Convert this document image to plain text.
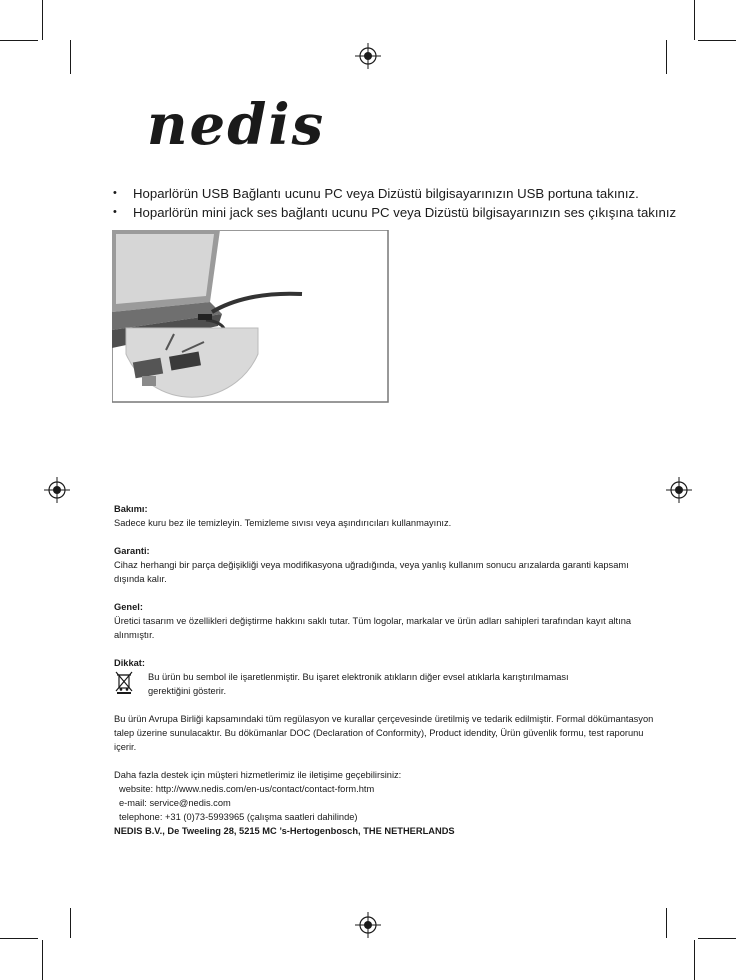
nedis
• Hoparlörün USB Bağlantı ucunu PC veya Dizüstü bilgisayarınızın USB portuna takınız.
• Hoparlörün mini jack ses bağlantı ucunu PC veya Dizüstü bilgisayarınızın ses çıkışına takınız

Bakımı:

Sadece kuru bez ile temizleyin. Temizleme sıvısı veya aşındırıcıları kullanmayınız.

Garanti:

Cihaz herhangi bir parça değişikliği veya modifikasyona uğradığında, veya yanlış kullanım sonucu arızalarda garanti kapsamı dışında kalır.

Genel:

Üretici tasarım ve özellikleri değiştirme hakkını saklı tutar. Tüm logolar, markalar ve ürün adları sahipleri tarafından kayıt altına alınmıştır.

Dikkat:

Bu ürün bu sembol ile işaretlenmiştir. Bu işaret elektronik atıkların diğer evsel atıklarla karıştırılmaması gerektiğini gösterir.

Bu ürün Avrupa Birliği kapsamındaki tüm regülasyon ve kurallar çerçevesinde üretilmiş ve tedarik edilmiştir. Formal dökümantasyon talep üzerine sunulacaktır. Bu dökümanlar DOC (Declaration of Conformity), Product idendity, Ürün güvenlik formu, test raporunu içerir.

Daha fazla destek için müşteri hizmetlerimiz ile iletişime geçebilirsiniz:

website: http://www.nedis.com/en-us/contact/contact-form.htm

e-mail: service@nedis.com

telephone: +31 (0)73-5993965 (çalışma saatleri dahilinde)

NEDIS B.V., De Tweeling 28, 5215 MC ’s-Hertogenbosch, THE NETHERLANDS
